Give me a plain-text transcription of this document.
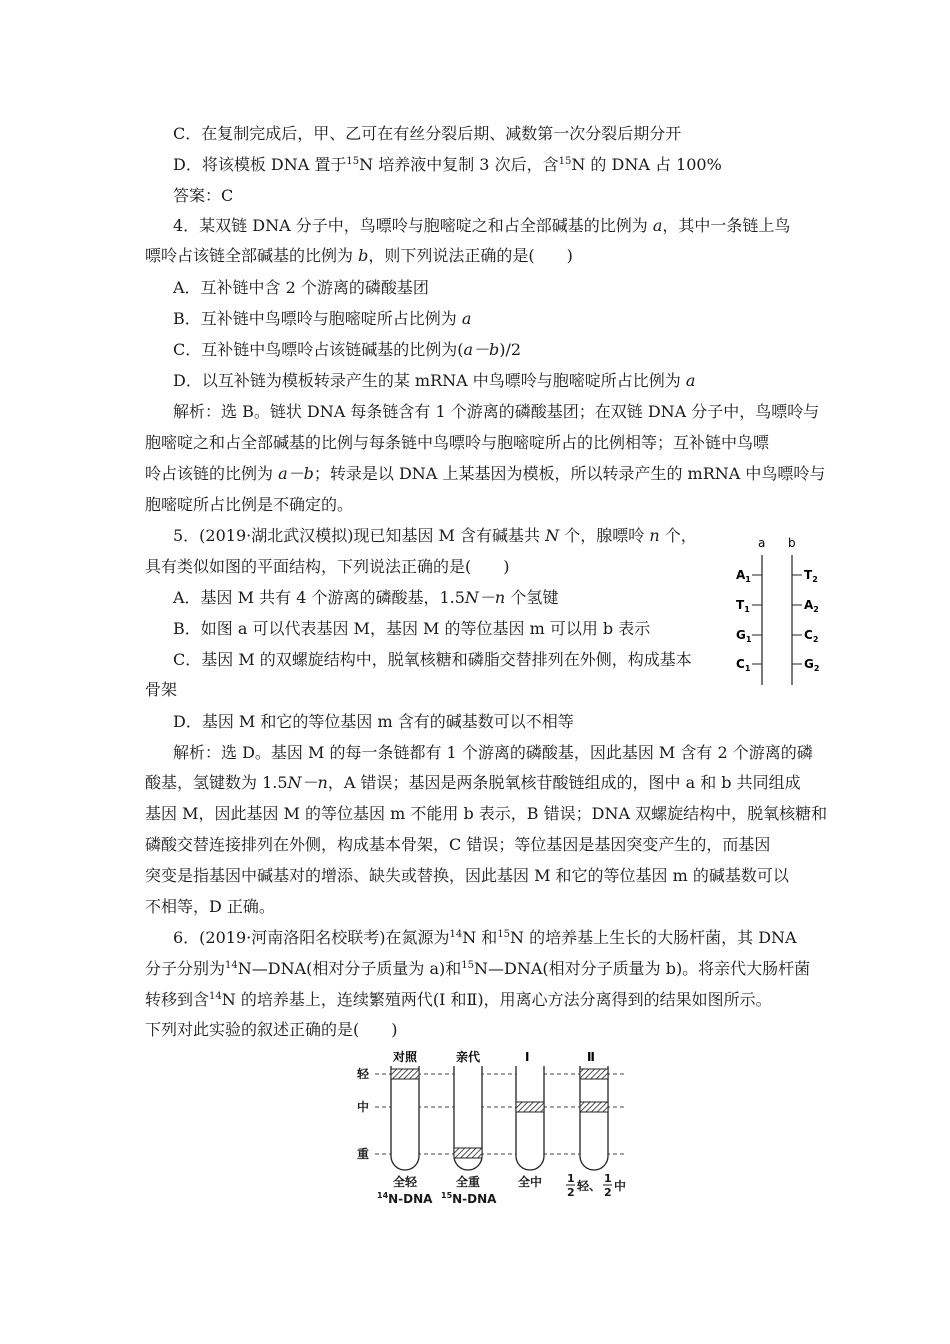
C．在复制完成后，甲、乙可在有丝分裂后期、减数第一次分裂后期分开
D．将该模板 DNA 置于$^{15}$N 培养液中复制 3 次后，含$^{15}$N 的 DNA 占 100%
答案：C
4．某双链 DNA 分子中，鸟嘌呤与胞嘧啶之和占全部碱基的比例为 a，其中一条链上鸟
嘌呤占该链全部碱基的比例为 b，则下列说法正确的是(　　)
A．互补链中含 2 个游离的磷酸基团
B．互补链中鸟嘌呤与胞嘧啶所占比例为 a
C．互补链中鸟嘌呤占该链碱基的比例为(a－b)/2
D．以互补链为模板转录产生的某 mRNA 中鸟嘌呤与胞嘧啶所占比例为 a
解析：选 B。链状 DNA 每条链含有 1 个游离的磷酸基团；在双链 DNA 分子中，鸟嘌呤与
胞嘧啶之和占全部碱基的比例与每条链中鸟嘌呤与胞嘧啶所占的比例相等；互补链中鸟嘌
呤占该链的比例为 a－b；转录是以 DNA 上某基因为模板，所以转录产生的 mRNA 中鸟嘌呤与
胞嘧啶所占比例是不确定的。
5．(2019·湖北武汉模拟)现已知基因 M 含有碱基共 N 个，腺嘌呤 n 个，
具有类似如图的平面结构，下列说法正确的是(　　)
A．基因 M 共有 4 个游离的磷酸基，1.5N－n 个氢键
B．如图 a 可以代表基因 M，基因 M 的等位基因 m 可以用 b 表示
C．基因 M 的双螺旋结构中，脱氧核糖和磷脂交替排列在外侧，构成基本
骨架
D．基因 M 和它的等位基因 m 含有的碱基数可以不相等
a b
$A_1$	$T_2$
$T_1$	$A_2$
$G_1$	$C_2$
$C_1$	$G_2$
解析：选 D。基因 M 的每一条链都有 1 个游离的磷酸基，因此基因 M 含有 2 个游离的磷
酸基，氢键数为 1.5N－n，A 错误；基因是两条脱氧核苷酸链组成的，图中 a 和 b 共同组成
基因 M，因此基因 M 的等位基因 m 不能用 b 表示，B 错误；DNA 双螺旋结构中，脱氧核糖和
磷酸交替连接排列在外侧，构成基本骨架，C 错误；等位基因是基因突变产生的，而基因
突变是指基因中碱基对的增添、缺失或替换，因此基因 M 和它的等位基因 m 的碱基数可以
不相等，D 正确。
6．(2019·河南洛阳名校联考)在氮源为$^{14}$N 和$^{15}$N 的培养基上生长的大肠杆菌，其 DNA
分子分别为$^{14}$N—DNA(相对分子质量为 a)和$^{15}$N—DNA(相对分子质量为 b)。将亲代大肠杆菌
转移到含$^{14}$N 的培养基上，连续繁殖两代(Ⅰ 和Ⅱ)，用离心方法分离得到的结果如图所示。
下列对此实验的叙述正确的是(　　)
轻
中
重
对照	亲代	Ⅰ	Ⅱ
全轻
$^{14}$N-DNA
全重
$^{15}$N-DNA
全中 1
2 轻、
1
2 中
